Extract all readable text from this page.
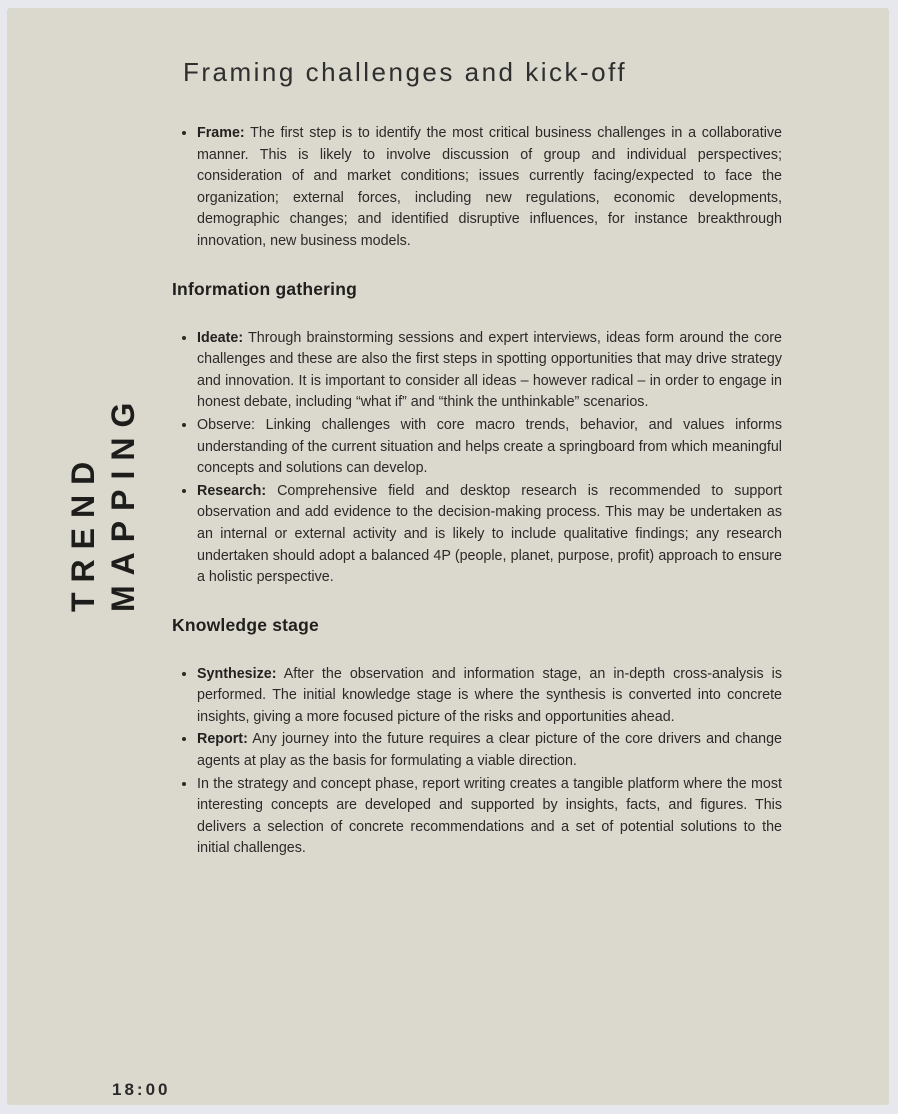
TREND MAPPING
Framing challenges and kick-off
• Frame: The first step is to identify the most critical business challenges in a collaborative manner. This is likely to involve discussion of group and individual perspectives; consideration of and market conditions; issues currently facing/expected to face the organization; external forces, including new regulations, economic developments, demographic changes; and identified disruptive influences, for instance breakthrough innovation, new business models.
Information gathering
• Ideate: Through brainstorming sessions and expert interviews, ideas form around the core challenges and these are also the first steps in spotting opportunities that may drive strategy and innovation. It is important to consider all ideas – however radical – in order to engage in honest debate, including “what if” and “think the unthinkable” scenarios.
• Observe: Linking challenges with core macro trends, behavior, and values informs understanding of the current situation and helps create a springboard from which meaningful concepts and solutions can develop.
• Research: Comprehensive field and desktop research is recommended to support observation and add evidence to the decision-making process. This may be undertaken as an internal or external activity and is likely to include qualitative findings; any research undertaken should adopt a balanced 4P (people, planet, purpose, profit) approach to ensure a holistic perspective.
Knowledge stage
• Synthesize: After the observation and information stage, an in-depth cross-analysis is performed. The initial knowledge stage is where the synthesis is converted into concrete insights, giving a more focused picture of the risks and opportunities ahead.
• Report: Any journey into the future requires a clear picture of the core drivers and change agents at play as the basis for formulating a viable direction.
• In the strategy and concept phase, report writing creates a tangible platform where the most interesting concepts are developed and supported by insights, facts, and figures. This delivers a selection of concrete recommendations and a set of potential solutions to the initial challenges.
18:00
